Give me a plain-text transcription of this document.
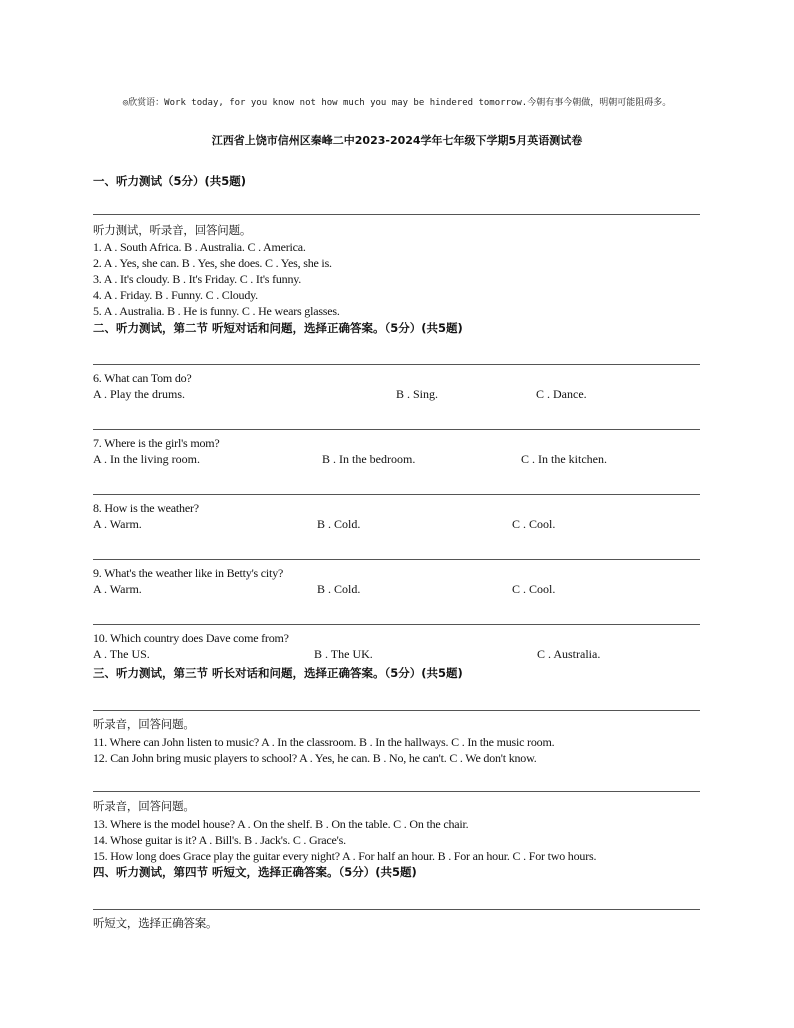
◎欣赏语：Work today, for you know not how much you may be hindered tomorrow.今朝有事今朝做，明朝可能阻碍多。
江西省上饶市信州区秦峰二中2023-2024学年七年级下学期5月英语测试卷
一、听力测试（5分）(共5题)
听力测试，听录音，回答问题。
1. A . South Africa. B . Australia. C . America.
2. A . Yes, she can. B . Yes, she does. C . Yes, she is.
3. A . It's cloudy. B . It's Friday. C . It's funny.
4. A . Friday. B . Funny. C . Cloudy.
5. A . Australia. B . He is funny. C . He wears glasses.
二、听力测试，第二节 听短对话和问题，选择正确答案。（5分）(共5题)
6. What can Tom do?
A . Play the drums.	B . Sing.	C . Dance.
7. Where is the girl's mom?
A . In the living room.	B . In the bedroom.	C . In the kitchen.
8. How is the weather?
A . Warm.	B . Cold.	C . Cool.
9. What's the weather like in Betty's city?
A . Warm.	B . Cold.	C . Cool.
10. Which country does Dave come from?
A . The US.	B . The UK.	C . Australia.
三、听力测试，第三节 听长对话和问题，选择正确答案。（5分）(共5题)
听录音，回答问题。
11. Where can John listen to music? A . In the classroom. B . In the hallways. C . In the music room.
12. Can John bring music players to school? A . Yes, he can. B . No, he can't. C . We don't know.
听录音，回答问题。
13. Where is the model house? A . On the shelf. B . On the table. C . On the chair.
14. Whose guitar is it? A . Bill's. B . Jack's. C . Grace's.
15. How long does Grace play the guitar every night? A . For half an hour. B . For an hour. C . For two hours.
四、听力测试，第四节 听短文，选择正确答案。（5分）(共5题)
听短文，选择正确答案。
